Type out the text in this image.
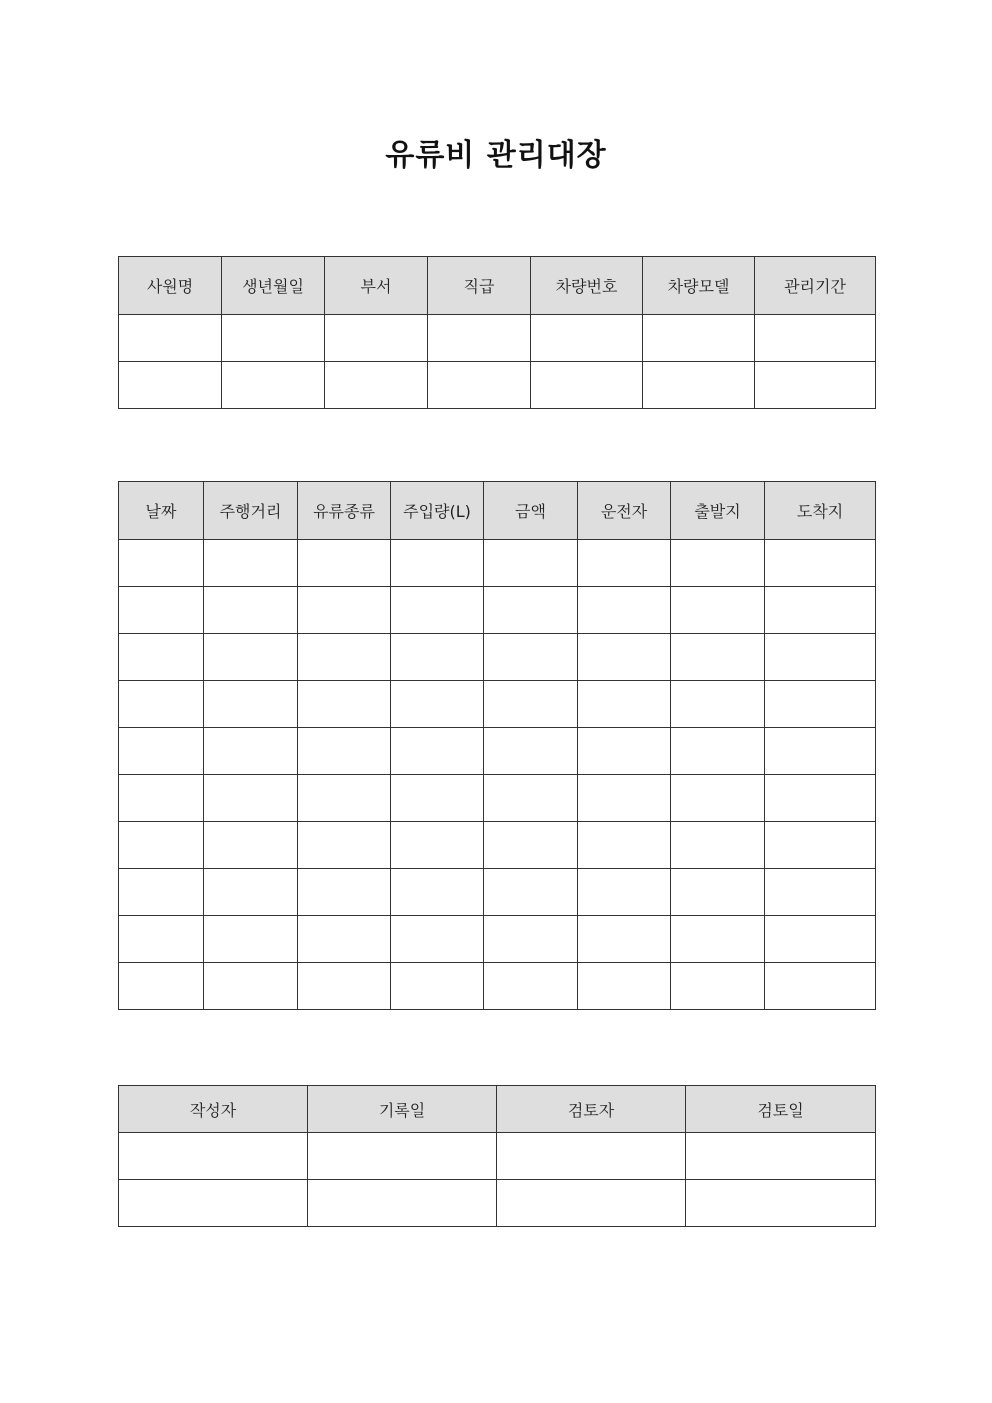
유류비 관리대장
사원명	생년월일	부서	직급	차량번호	차량모델	관리기간

날짜	주행거리	유류종류	주입량(L)	금액	운전자	출발지	도착지

작성자	기록일	검토자	검토일
